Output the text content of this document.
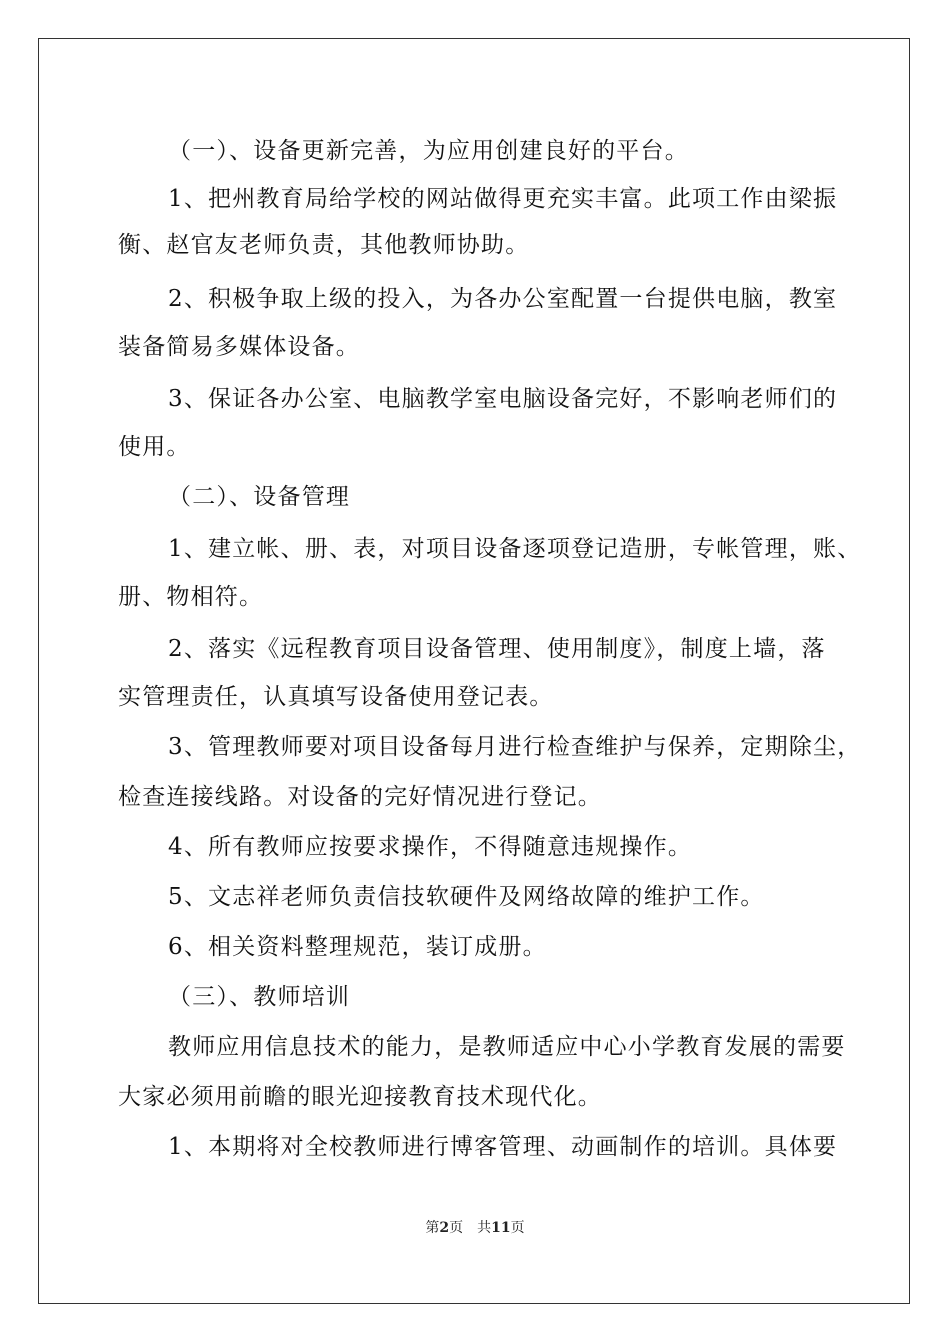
（一）、设备更新完善，为应用创建良好的平台。
1、把州教育局给学校的网站做得更充实丰富。此项工作由梁振
衡、赵官友老师负责，其他教师协助。
2、积极争取上级的投入，为各办公室配置一台提供电脑，教室
装备简易多媒体设备。
3、保证各办公室、电脑教学室电脑设备完好，不影响老师们的
使用。
（二）、设备管理
1、建立帐、册、表，对项目设备逐项登记造册，专帐管理，账、
册、物相符。
2、落实《远程教育项目设备管理、使用制度》，制度上墙，落
实管理责任，认真填写设备使用登记表。
3、管理教师要对项目设备每月进行检查维护与保养，定期除尘，
检查连接线路。对设备的完好情况进行登记。
4、所有教师应按要求操作，不得随意违规操作。
5、文志祥老师负责信技软硬件及网络故障的维护工作。
6、相关资料整理规范，装订成册。
（三）、教师培训
教师应用信息技术的能力，是教师适应中心小学教育发展的需要
大家必须用前瞻的眼光迎接教育技术现代化。
1、本期将对全校教师进行博客管理、动画制作的培训。具体要
第2页 共11页
